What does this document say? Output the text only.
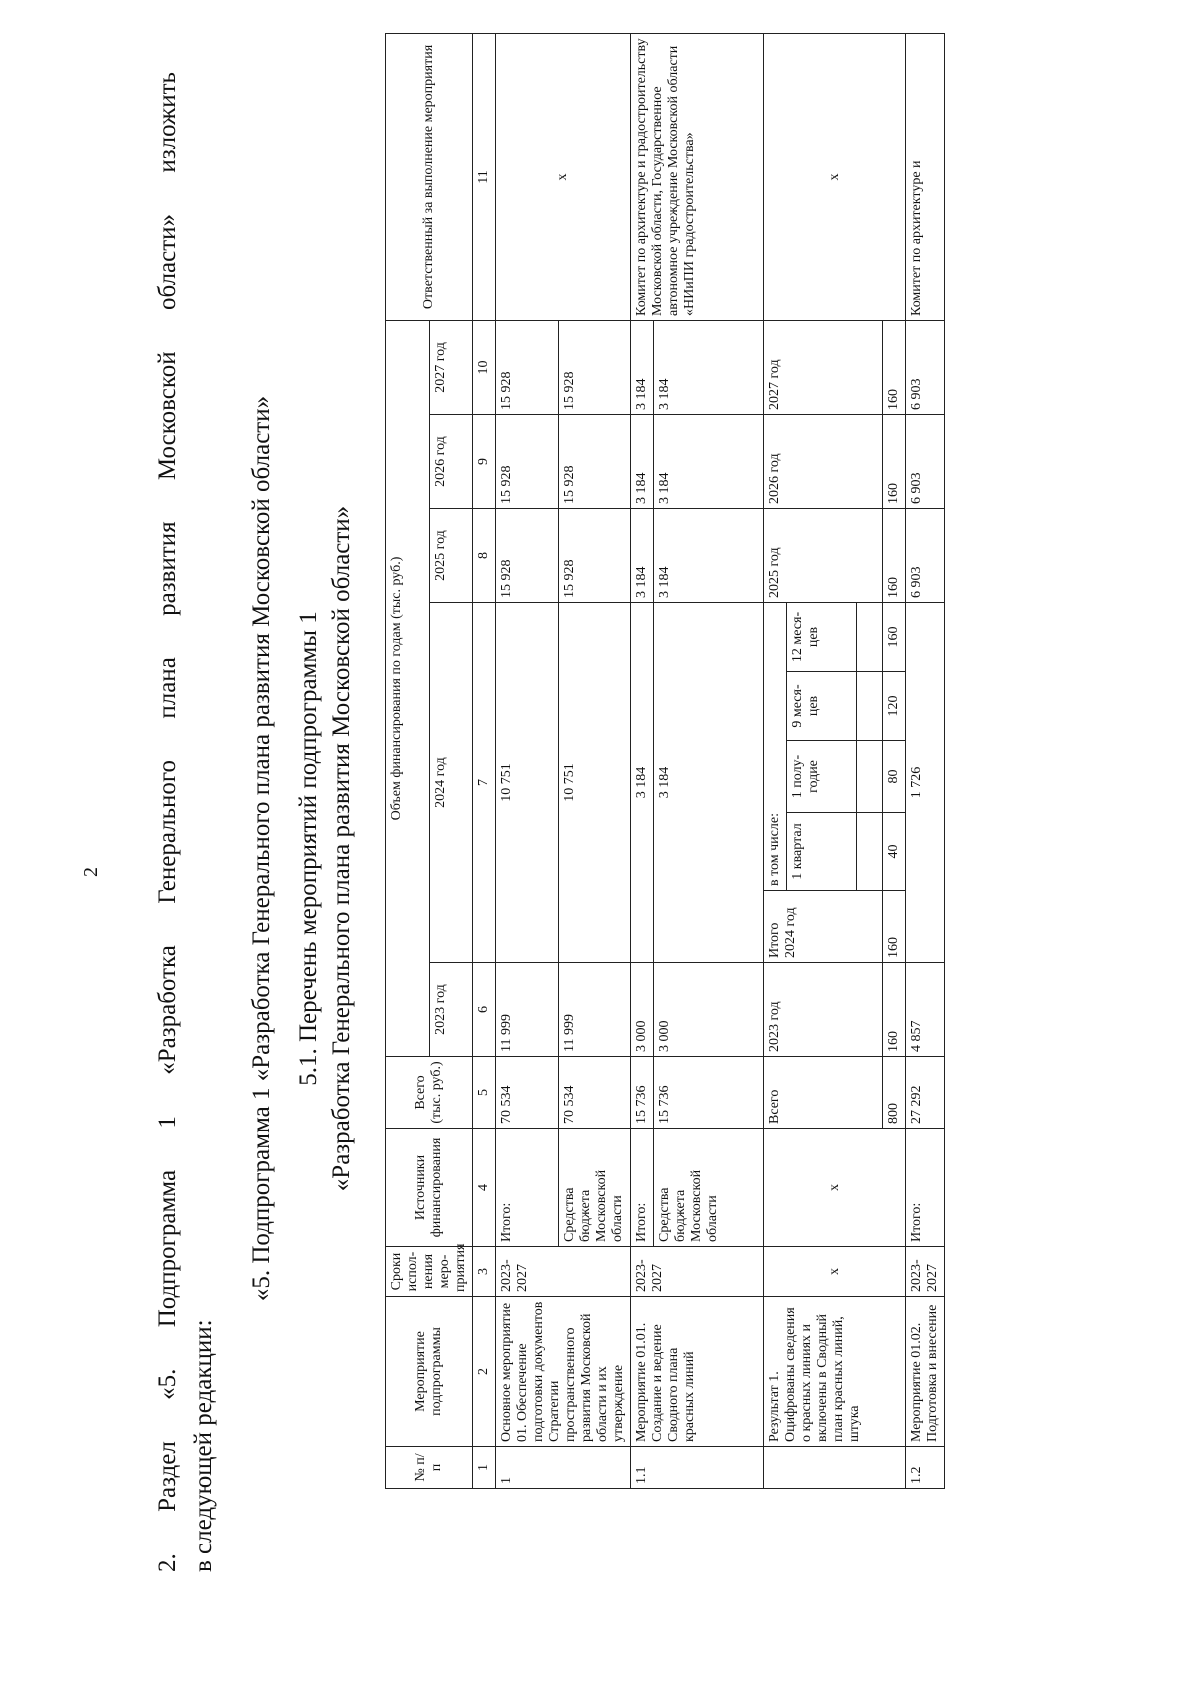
2
2.
Раздел
«5.
Подпрограмма
1
«Разработка
Генерального
плана
развития
Московской
области»
изложить
в следующей редакции:
«5. Подпрограмма 1 «Разработка Генерального плана развития Московской области» 5.1. Перечень мероприятий подпрограммы 1 «Разработка Генерального плана развития Московской области»
№ п/п	Мероприятие подпрограммы	Сроки испол-нения меро-приятия	Источники финансирования	Всего (тыс. руб.)	Объем финансирования по годам (тыс. руб.)									Ответственный за выполнение мероприятия
					2023 год	2024 год					2025 год	2026 год	2027 год	
1	2	3	4	5	6	7					8	9	10	11
1	Основное мероприятие 01. Обеспечение подготовки документов Стратегии пространственного развития Московской области и их утверждение	2023-2027	Итого:	70 534	11 999	10 751					15 928	15 928	15 928	х
			Средства бюджета Московской области	70 534	11 999	10 751					15 928	15 928	15 928	
1.1	Мероприятие 01.01. Создание и ведение Сводного плана красных линий	2023-2027	Итого:	15 736	3 000	3 184					3 184	3 184	3 184	Комитет по архитектуре и градостроительству Московской области, Государственное автономное учреждение Московской области «НИиПИ градостроительства»
			Средства бюджета Московской области	15 736	3 000	3 184					3 184	3 184	3 184	
	Результат 1. Оцифрованы сведения о красных линиях и включены в Сводный план красных линий, штука	х	х	Всего	2023 год	Итого 2024 год	в том числе:				2025 год	2026 год	2027 год	х
							1 квартал	1 полу-годие	9 меся-цев	12 меся-цев				

				800	160	160	40	80	120	160	160	160	160	
1.2	Мероприятие 01.02. Подготовка и внесение	2023-2027	Итого:	27 292	4 857	1 726					6 903	6 903	6 903	Комитет по архитектуре и
